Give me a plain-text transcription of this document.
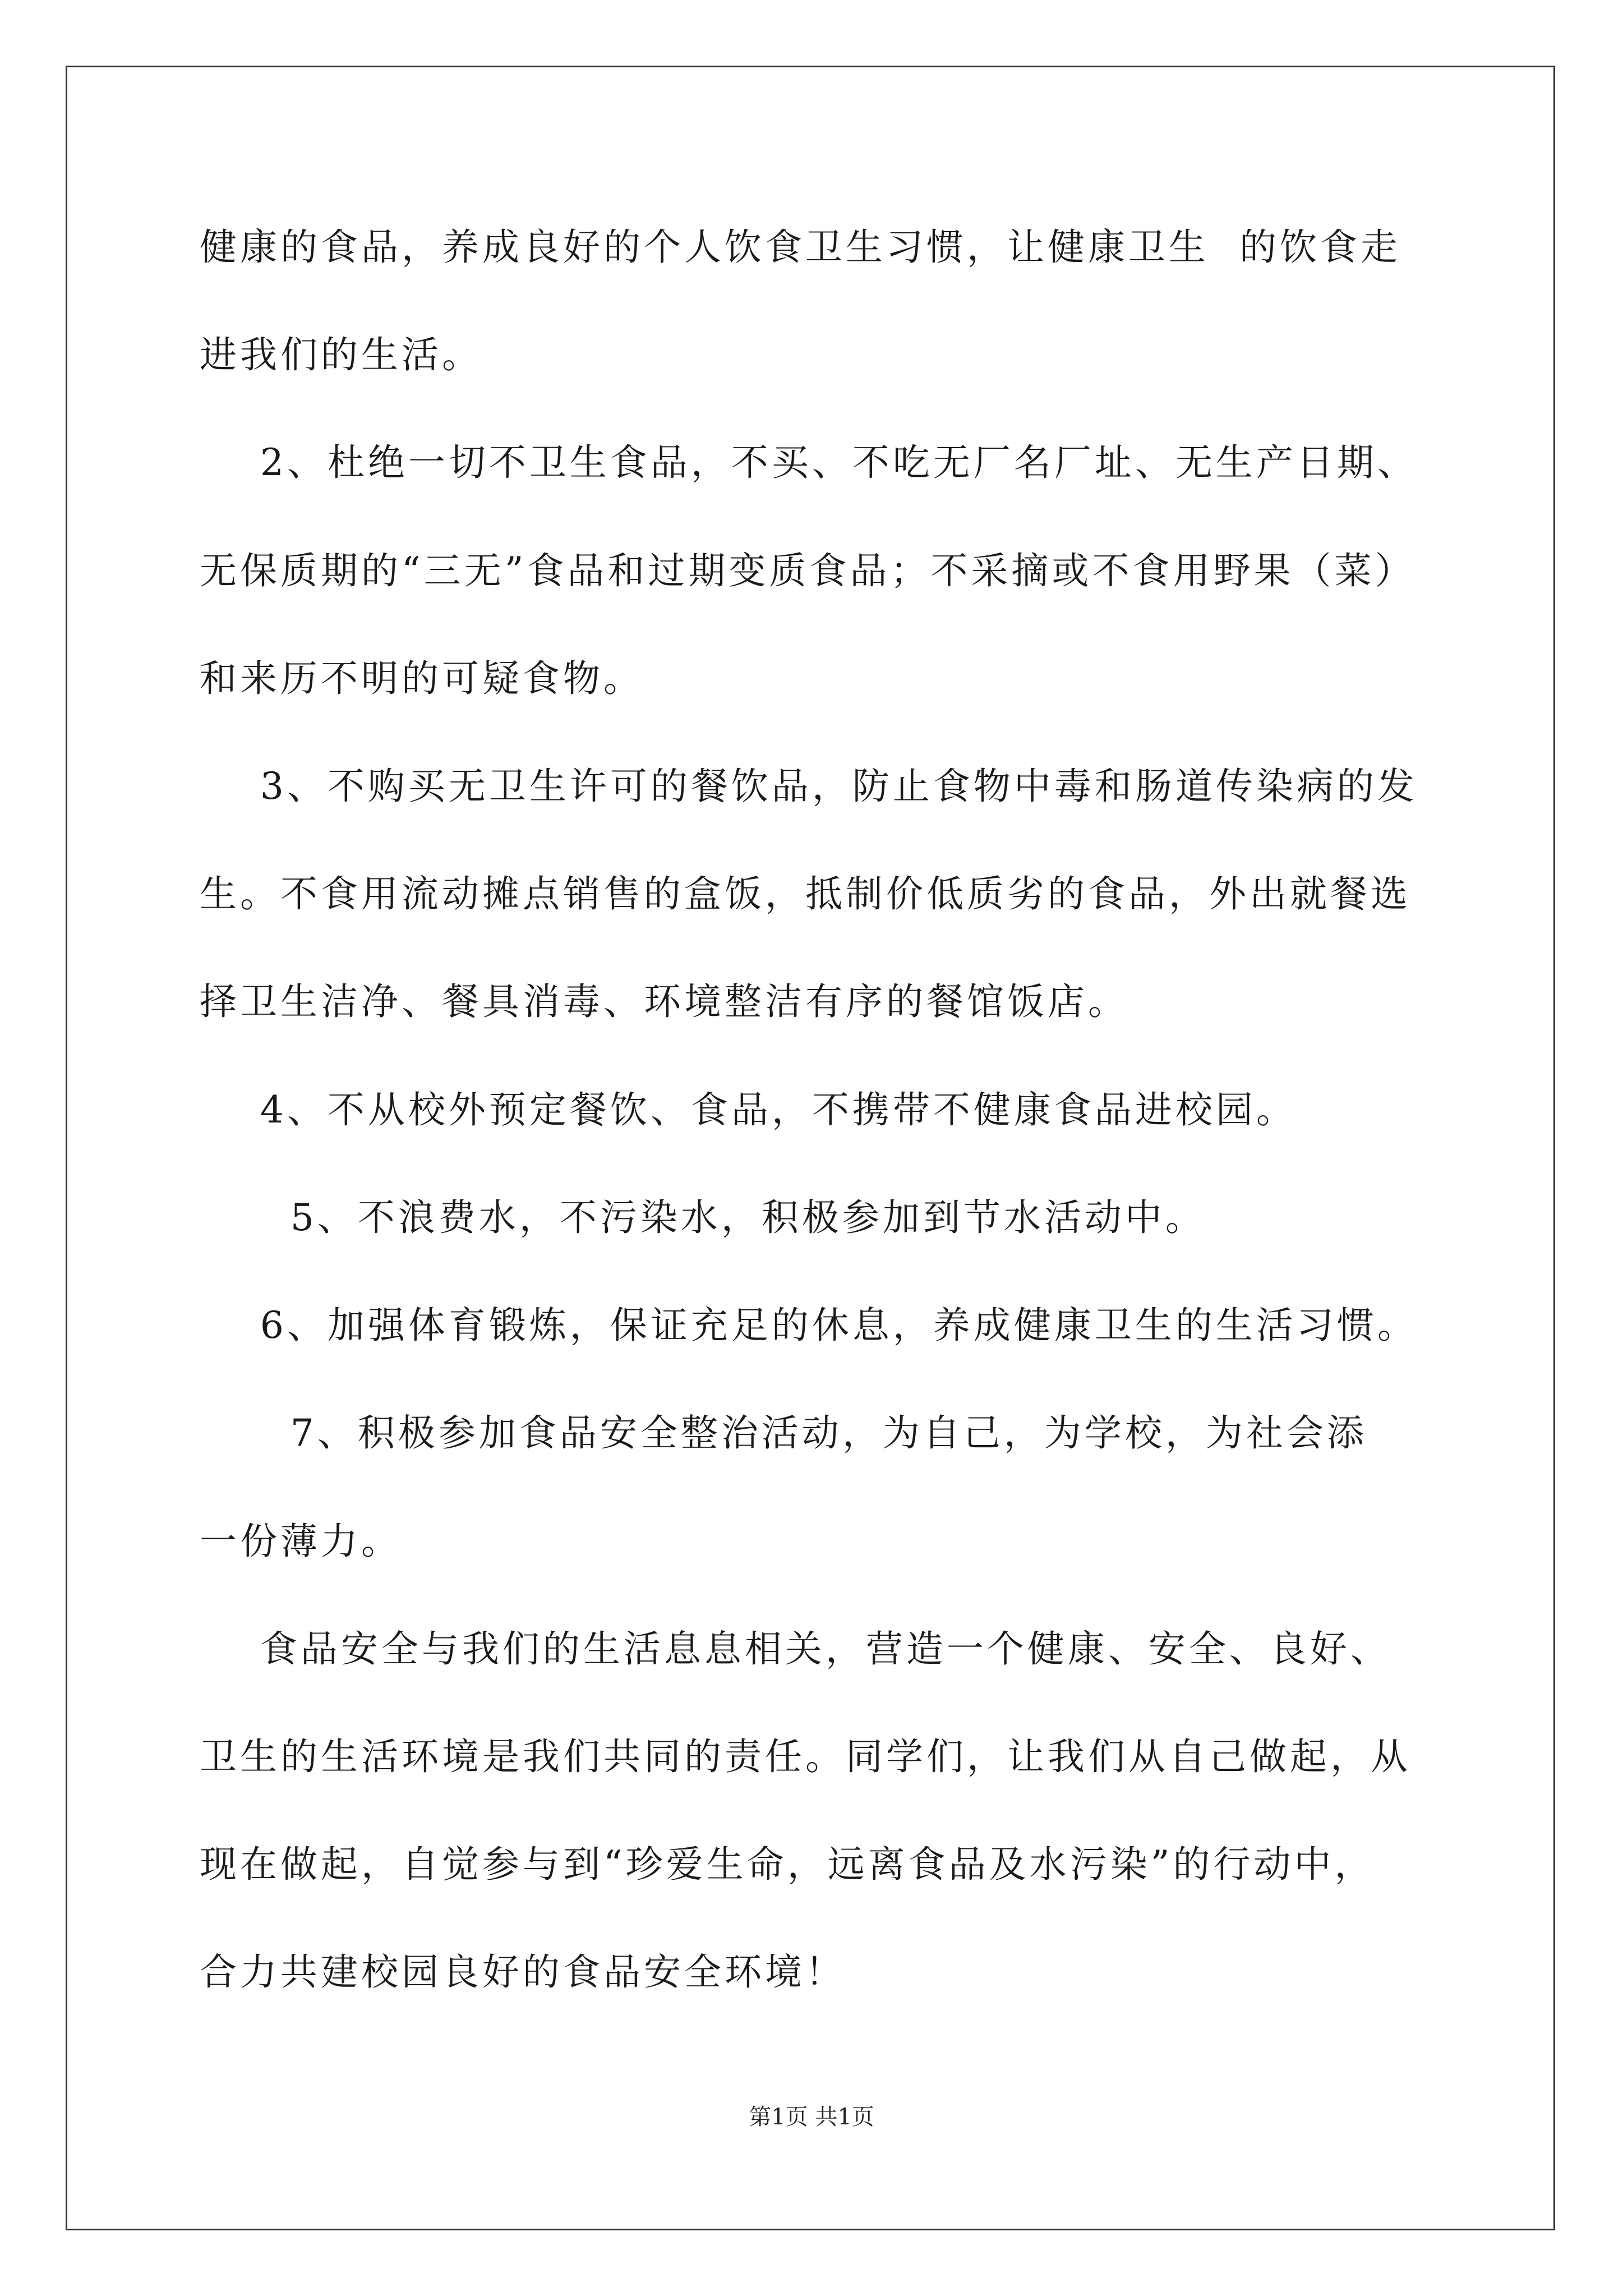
健康的食品，养成良好的个人饮食卫生习惯，让健康卫生  的饮食走
进我们的生活。
2、杜绝一切不卫生食品，不买、不吃无厂名厂址、无生产日期、
无保质期的“三无”食品和过期变质食品；不采摘或不食用野果（菜）
和来历不明的可疑食物。
3、不购买无卫生许可的餐饮品，防止食物中毒和肠道传染病的发
生。不食用流动摊点销售的盒饭，抵制价低质劣的食品，外出就餐选
择卫生洁净、餐具消毒、环境整洁有序的餐馆饭店。
4、不从校外预定餐饮、食品，不携带不健康食品进校园。
5、不浪费水，不污染水，积极参加到节水活动中。
6、加强体育锻炼，保证充足的休息，养成健康卫生的生活习惯。
7、积极参加食品安全整治活动，为自己，为学校，为社会添
一份薄力。
食品安全与我们的生活息息相关，营造一个健康、安全、良好、
卫生的生活环境是我们共同的责任。同学们，让我们从自己做起，从
现在做起，自觉参与到“珍爱生命，远离食品及水污染”的行动中，
合力共建校园良好的食品安全环境！
第1页 共1页
